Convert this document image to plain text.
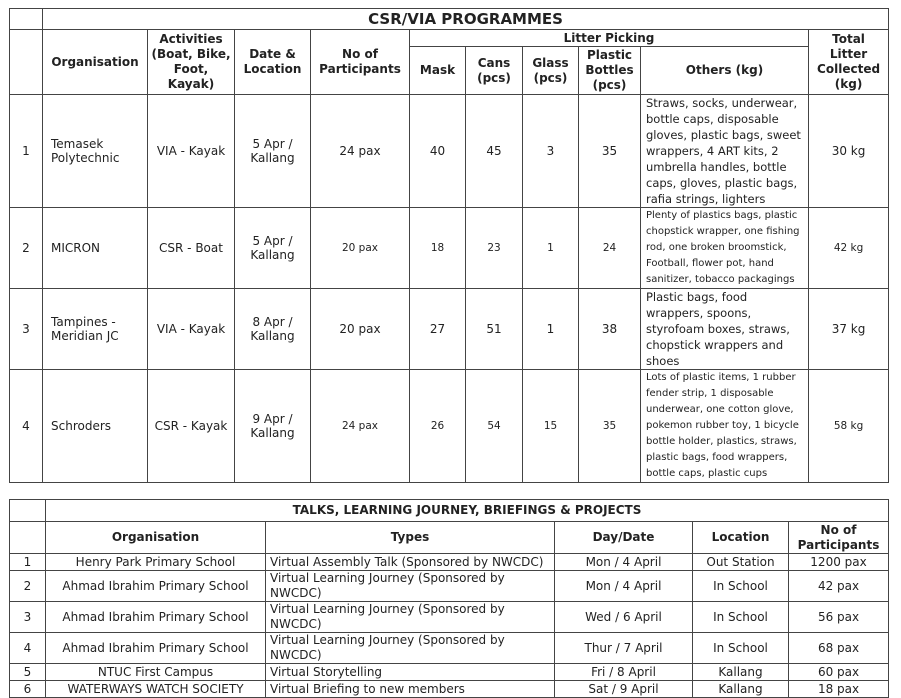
	CSR/VIA PROGRAMMES									
	Organisation	Activities (Boat, Bike, Foot, Kayak)	Date & Location	No of Participants	Litter Picking					Total Litter Collected (kg)
					Mask	Cans (pcs)	Glass (pcs)	Plastic Bottles (pcs)	Others (kg)	
1	Temasek Polytechnic	VIA - Kayak	5 Apr / Kallang	24 pax	40	45	3	35	Straws, socks, underwear, bottle caps, disposable gloves, plastic bags, sweet wrappers, 4 ART kits, 2 umbrella handles, bottle caps, gloves, plastic bags, rafia strings, lighters	30 kg
2	MICRON	CSR - Boat	5 Apr / Kallang	20 pax	18	23	1	24	Plenty of plastics bags, plastic chopstick wrapper, one fishing rod, one broken broomstick, Football, flower pot, hand sanitizer, tobacco packagings	42 kg
3	Tampines - Meridian JC	VIA - Kayak	8 Apr / Kallang	20 pax	27	51	1	38	Plastic bags, food wrappers, spoons, styrofoam boxes, straws, chopstick wrappers and shoes	37 kg
4	Schroders	CSR - Kayak	9 Apr / Kallang	24 pax	26	54	15	35	Lots of plastic items, 1 rubber fender strip, 1 disposable underwear, one cotton glove, pokemon rubber toy, 1 bicycle bottle holder, plastics, straws, plastic bags, food wrappers, bottle caps, plastic cups	58 kg
	TALKS, LEARNING JOURNEY, BRIEFINGS & PROJECTS				
	Organisation	Types	Day/Date	Location	No of Participants
1	Henry Park Primary School	Virtual Assembly Talk (Sponsored by NWCDC)	Mon / 4 April	Out Station	1200 pax
2	Ahmad Ibrahim Primary School	Virtual Learning Journey (Sponsored by NWCDC)	Mon / 4 April	In School	42 pax
3	Ahmad Ibrahim Primary School	Virtual Learning Journey (Sponsored by NWCDC)	Wed / 6 April	In School	56 pax
4	Ahmad Ibrahim Primary School	Virtual Learning Journey (Sponsored by NWCDC)	Thur / 7 April	In School	68 pax
5	NTUC First Campus	Virtual Storytelling	Fri / 8 April	Kallang	60 pax
6	WATERWAYS WATCH SOCIETY	Virtual Briefing to new members	Sat / 9 April	Kallang	18 pax
